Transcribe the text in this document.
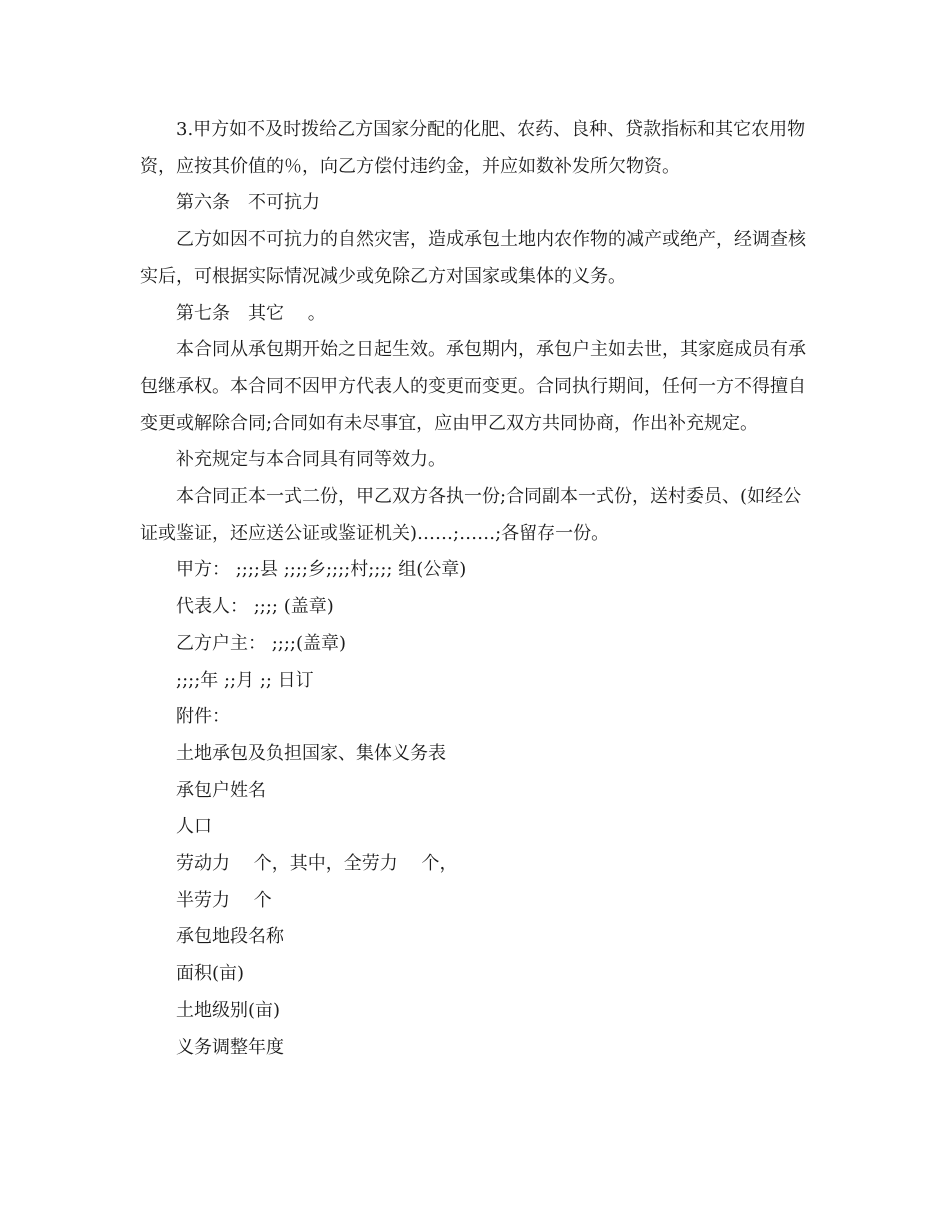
3.甲方如不及时拨给乙方国家分配的化肥、农药、良种、贷款指标和其它农用物资，应按其价值的％，向乙方偿付违约金，并应如数补发所欠物资。

第六条　不可抗力

乙方如因不可抗力的自然灾害，造成承包土地内农作物的减产或绝产，经调查核实后，可根据实际情况减少或免除乙方对国家或集体的义务。

第七条　其它　 。

本合同从承包期开始之日起生效。承包期内，承包户主如去世，其家庭成员有承包继承权。本合同不因甲方代表人的变更而变更。合同执行期间，任何一方不得擅自变更或解除合同;合同如有未尽事宜，应由甲乙双方共同协商，作出补充规定。

补充规定与本合同具有同等效力。

本合同正本一式二份，甲乙双方各执一份;合同副本一式份，送村委员、(如经公证或鉴证，还应送公证或鉴证机关)……;……;各留存一份。

甲方： ;;;;县 ;;;;乡;;;;村;;;; 组(公章)

代表人： ;;;; (盖章)

乙方户主： ;;;;(盖章)

;;;;年 ;;月 ;; 日订

附件：

土地承包及负担国家、集体义务表

承包户姓名

人口

劳动力　 个，其中，全劳力　 个，

半劳力　 个

承包地段名称

面积(亩)

土地级别(亩)

义务调整年度
